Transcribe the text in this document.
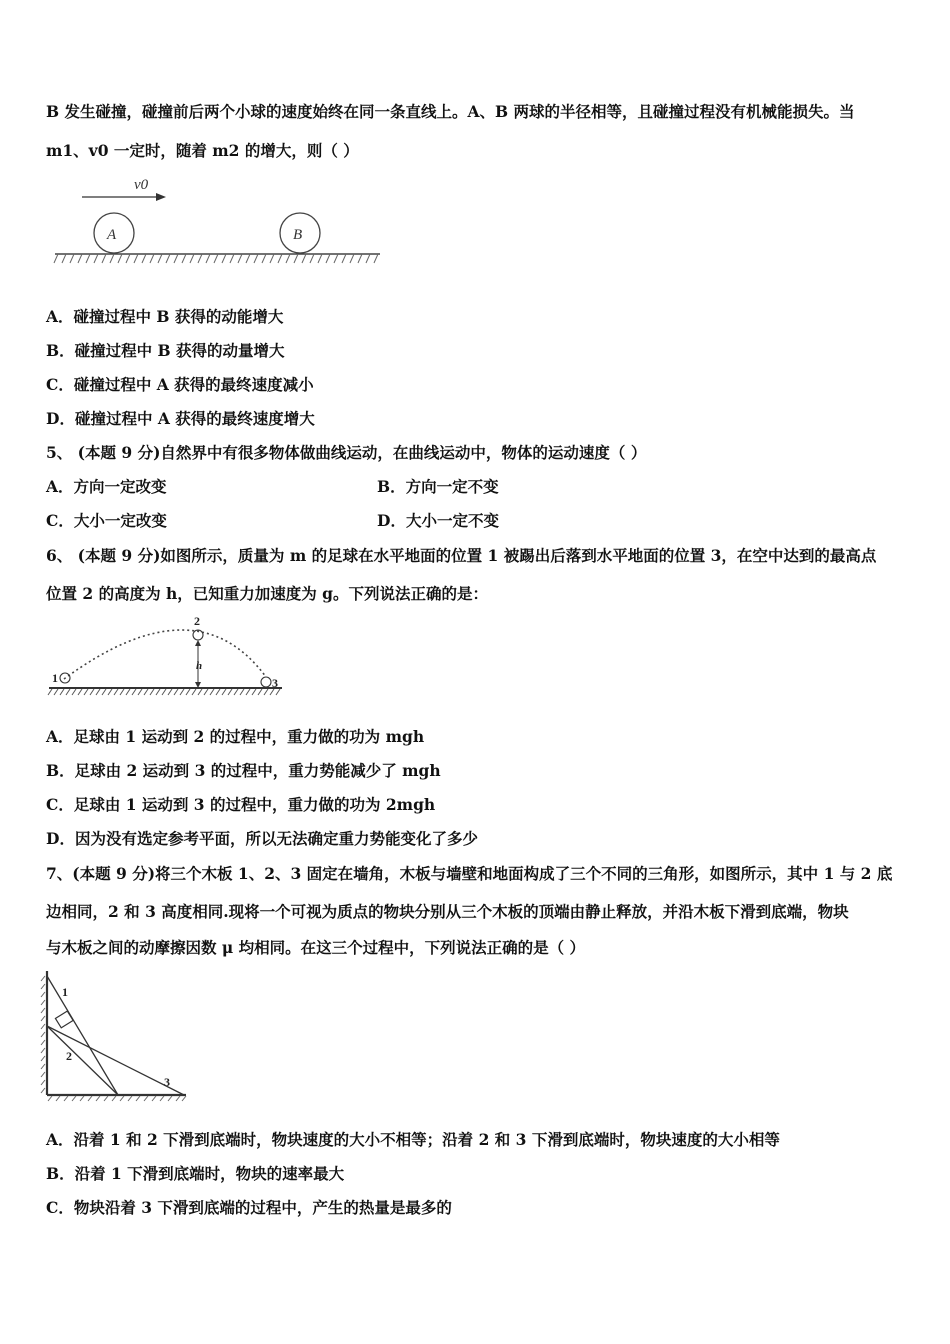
B 发生碰撞，碰撞前后两个小球的速度始终在同一条直线上。A、B 两球的半径相等，且碰撞过程没有机械能损失。当
m1、v0 一定时，随着 m2 的增大，则（ ）
v0
A	B
A．碰撞过程中 B 获得的动能增大
B．碰撞过程中 B 获得的动量增大
C．碰撞过程中 A 获得的最终速度减小
D．碰撞过程中 A 获得的最终速度增大
5、 (本题 9 分)自然界中有很多物体做曲线运动，在曲线运动中，物体的运动速度（ ）
A．方向一定改变	B．方向一定不变
C．大小一定改变	D．大小一定不变
6、 (本题 9 分)如图所示，质量为 m 的足球在水平地面的位置 1 被踢出后落到水平地面的位置 3，在空中达到的最高点
位置 2 的高度为 h，已知重力加速度为 g。下列说法正确的是：
1
2
h
3
A．足球由 1 运动到 2 的过程中，重力做的功为 mgh
B．足球由 2 运动到 3 的过程中，重力势能减少了 mgh
C．足球由 1 运动到 3 的过程中，重力做的功为 2mgh
D．因为没有选定参考平面，所以无法确定重力势能变化了多少
7、(本题 9 分)将三个木板 1、2、3 固定在墙角，木板与墙壁和地面构成了三个不同的三角形，如图所示，其中 1 与 2 底
边相同，2 和 3 高度相同.现将一个可视为质点的物块分别从三个木板的顶端由静止释放，并沿木板下滑到底端，物块
与木板之间的动摩擦因数 μ 均相同。在这三个过程中，下列说法正确的是（ ）
1
2
3
A．沿着 1 和 2 下滑到底端时，物块速度的大小不相等；沿着 2 和 3 下滑到底端时，物块速度的大小相等
B．沿着 1 下滑到底端时，物块的速率最大
C．物块沿着 3 下滑到底端的过程中，产生的热量是最多的
